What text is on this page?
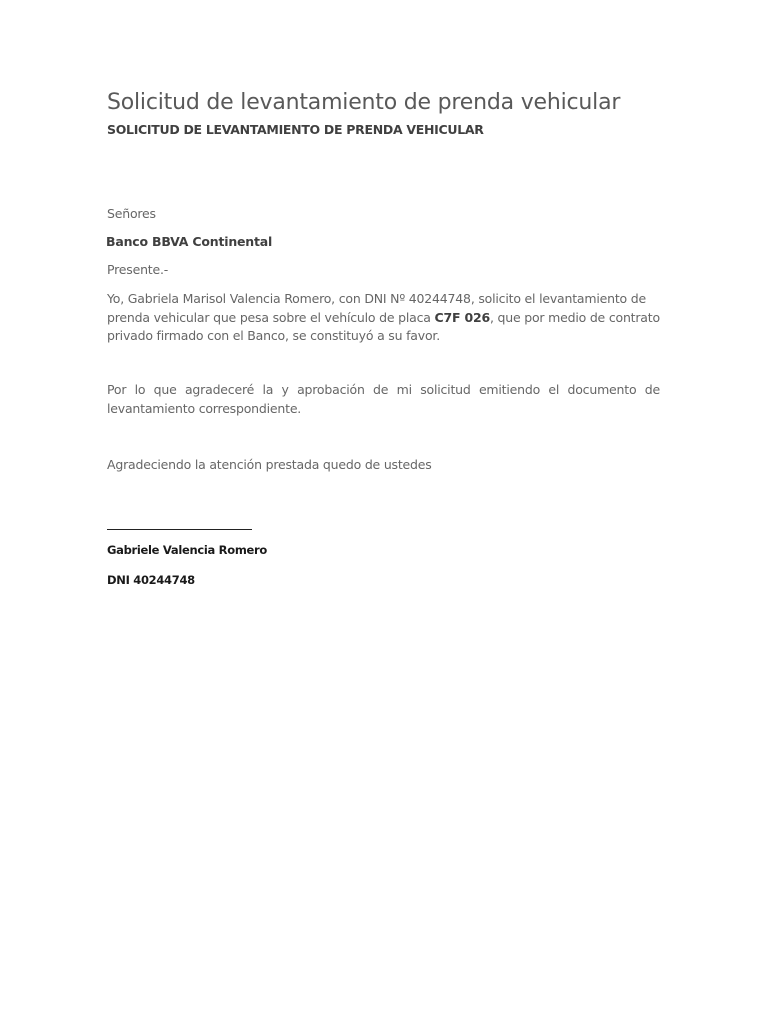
Solicitud de levantamiento de prenda vehicular
SOLICITUD DE LEVANTAMIENTO DE PRENDA VEHICULAR
Señores
Banco BBVA Continental
Presente.-
Yo, Gabriela Marisol Valencia Romero, con DNI Nº 40244748, solicito el levantamiento de prenda vehicular que pesa sobre el vehículo de placa C7F 026, que por medio de contrato privado firmado con el Banco, se constituyó a su favor.
Por lo que agradeceré la y aprobación de mi solicitud emitiendo el documento de
levantamiento correspondiente.
Agradeciendo la atención prestada quedo de ustedes
Gabriele Valencia Romero
DNI 40244748
